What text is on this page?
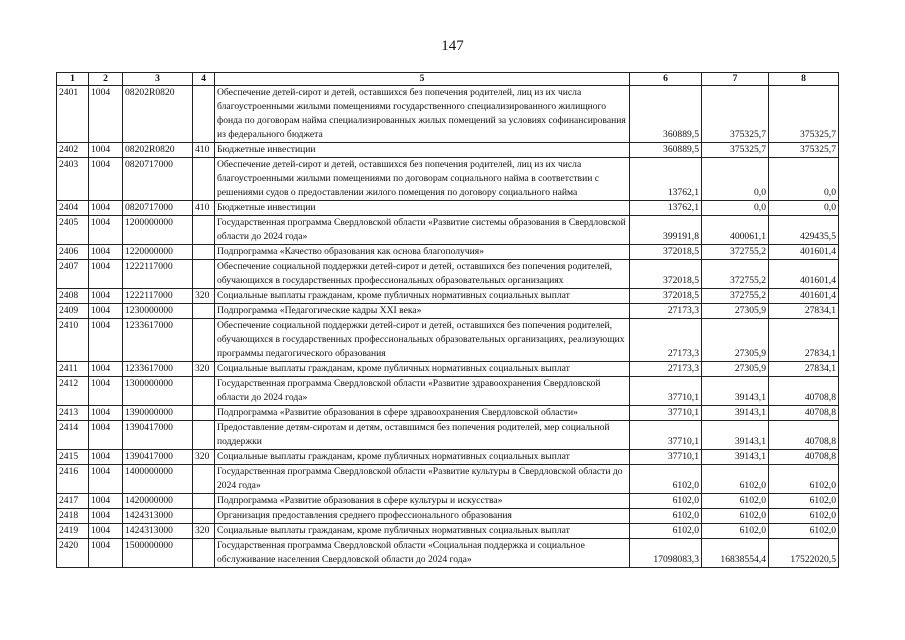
147
1	2	3	4	5	6	7	8
2401	1004	08202R0820		Обеспечение детей-сирот и детей, оставшихся без попечения родителей, лиц из их числа благоустроенными жилыми помещениями государственного специализированного жилищного фонда по договорам найма специализированных жилых помещений за условиях софинансирования из федерального бюджета	360889,5	375325,7	375325,7
2402	1004	08202R0820	410	Бюджетные инвестиции	360889,5	375325,7	375325,7
2403	1004	0820717000		Обеспечение детей-сирот и детей, оставшихся без попечения родителей, лиц из их числа благоустроенными жилыми помещениями по договорам социального найма в соответствии с решениями судов о предоставлении жилого помещения по договору социального найма	13762,1	0,0	0,0
2404	1004	0820717000	410	Бюджетные инвестиции	13762,1	0,0	0,0
2405	1004	1200000000		Государственная программа Свердловской области «Развитие системы образования в Свердловской области до 2024 года»	399191,8	400061,1	429435,5
2406	1004	1220000000		Подпрограмма «Качество образования как основа благополучия»	372018,5	372755,2	401601,4
2407	1004	1222117000		Обеспечение социальной поддержки детей-сирот и детей, оставшихся без попечения родителей, обучающихся в государственных профессиональных образовательных организациях	372018,5	372755,2	401601,4
2408	1004	1222117000	320	Социальные выплаты гражданам, кроме публичных нормативных социальных выплат	372018,5	372755,2	401601,4
2409	1004	1230000000		Подпрограмма «Педагогические кадры XXI века»	27173,3	27305,9	27834,1
2410	1004	1233617000		Обеспечение социальной поддержки детей-сирот и детей, оставшихся без попечения родителей, обучающихся в государственных профессиональных образовательных организациях, реализующих программы педагогического образования	27173,3	27305,9	27834,1
2411	1004	1233617000	320	Социальные выплаты гражданам, кроме публичных нормативных социальных выплат	27173,3	27305,9	27834,1
2412	1004	1300000000		Государственная программа Свердловской области «Развитие здравоохранения Свердловской области до 2024 года»	37710,1	39143,1	40708,8
2413	1004	1390000000		Подпрограмма «Развитие образования в сфере здравоохранения Свердловской области»	37710,1	39143,1	40708,8
2414	1004	1390417000		Предоставление детям-сиротам и детям, оставшимся без попечения родителей, мер социальной поддержки	37710,1	39143,1	40708,8
2415	1004	1390417000	320	Социальные выплаты гражданам, кроме публичных нормативных социальных выплат	37710,1	39143,1	40708,8
2416	1004	1400000000		Государственная программа Свердловской области «Развитие культуры в Свердловской области до 2024 года»	6102,0	6102,0	6102,0
2417	1004	1420000000		Подпрограмма «Развитие образования в сфере культуры и искусства»	6102,0	6102,0	6102,0
2418	1004	1424313000		Организация предоставления среднего профессионального образования	6102,0	6102,0	6102,0
2419	1004	1424313000	320	Социальные выплаты гражданам, кроме публичных нормативных социальных выплат	6102,0	6102,0	6102,0
2420	1004	1500000000		Государственная программа Свердловской области «Социальная поддержка и социальное обслуживание населения Свердловской области до 2024 года»	17098083,3	16838554,4	17522020,5
